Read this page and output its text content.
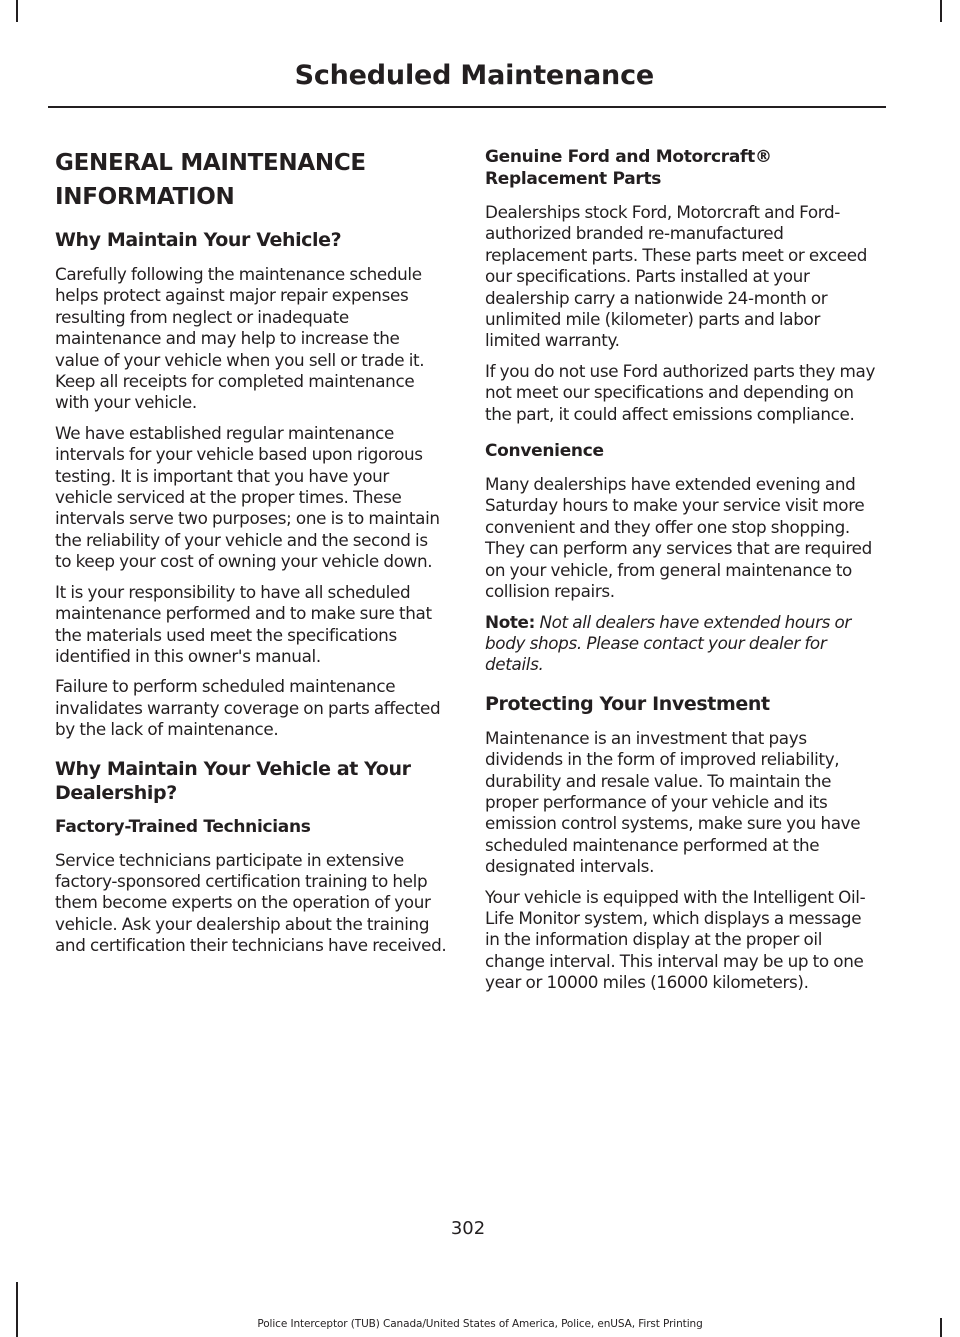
Scheduled Maintenance
GENERAL MAINTENANCE
INFORMATION
Why Maintain Your Vehicle?

Carefully following the maintenance schedule helps protect against major repair expenses resulting from neglect or inadequate maintenance and may help to increase the value of your vehicle when you sell or trade it. Keep all receipts for completed maintenance with your vehicle.

We have established regular maintenance intervals for your vehicle based upon rigorous testing. It is important that you have your vehicle serviced at the proper times. These intervals serve two purposes; one is to maintain the reliability of your vehicle and the second is to keep your cost of owning your vehicle down.

It is your responsibility to have all scheduled maintenance performed and to make sure that the materials used meet the specifications identified in this owner's manual.

Failure to perform scheduled maintenance invalidates warranty coverage on parts affected by the lack of maintenance.

Why Maintain Your Vehicle at Your Dealership?
Factory-Trained Technicians

Service technicians participate in extensive factory-sponsored certification training to help them become experts on the operation of your vehicle. Ask your dealership about the training and certification their technicians have received.

Genuine Ford and Motorcraft® Replacement Parts

Dealerships stock Ford, Motorcraft and Ford-authorized branded re-manufactured replacement parts. These parts meet or exceed our specifications. Parts installed at your dealership carry a nationwide 24-month or unlimited mile (kilometer) parts and labor limited warranty.

If you do not use Ford authorized parts they may not meet our specifications and depending on the part, it could affect emissions compliance.

Convenience

Many dealerships have extended evening and Saturday hours to make your service visit more convenient and they offer one stop shopping. They can perform any services that are required on your vehicle, from general maintenance to collision repairs.

Note: Not all dealers have extended hours or body shops. Please contact your dealer for details.

Protecting Your Investment

Maintenance is an investment that pays dividends in the form of improved reliability, durability and resale value. To maintain the proper performance of your vehicle and its emission control systems, make sure you have scheduled maintenance performed at the designated intervals.

Your vehicle is equipped with the Intelligent Oil-Life Monitor system, which displays a message in the information display at the proper oil change interval. This interval may be up to one year or 10000 miles (16000 kilometers).

302
Police Interceptor (TUB) Canada/United States of America, Police, enUSA, First Printing
